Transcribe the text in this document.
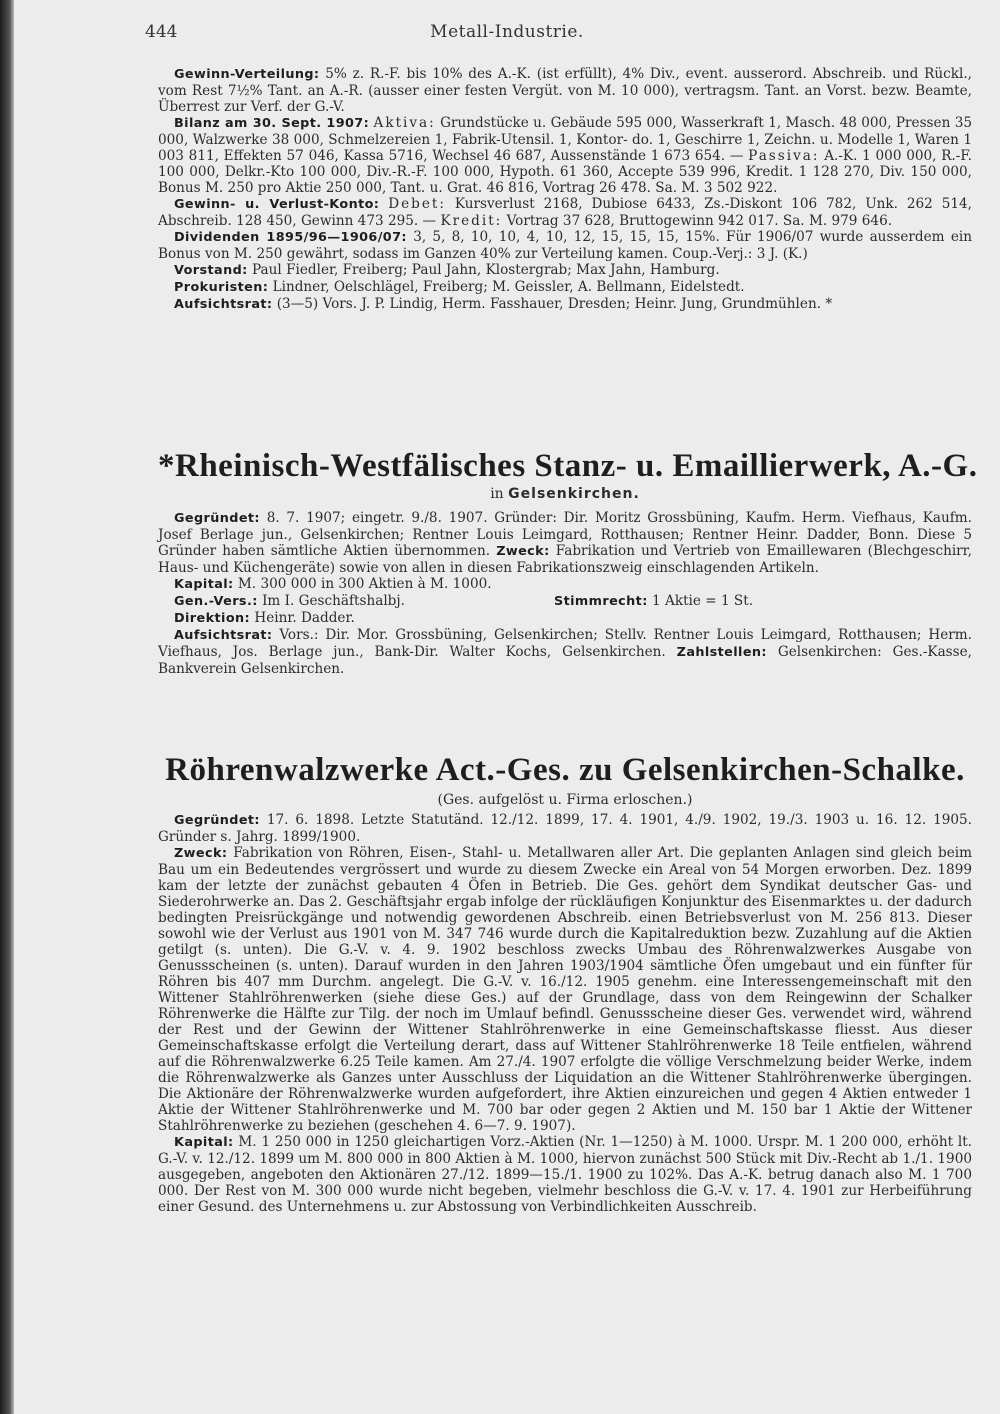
444	Metall-Industrie.

Gewinn-Verteilung: 5% z. R.-F. bis 10% des A.-K. (ist erfüllt), 4% Div., event. ausserord. Abschreib. und Rückl., vom Rest 7½% Tant. an A.-R. (ausser einer festen Vergüt. von M. 10 000), vertragsm. Tant. an Vorst. bezw. Beamte, Überrest zur Verf. der G.-V.

Bilanz am 30. Sept. 1907: Aktiva: Grundstücke u. Gebäude 595 000, Wasserkraft 1, Masch. 48 000, Pressen 35 000, Walzwerke 38 000, Schmelzereien 1, Fabrik-Utensil. 1, Kontor- do. 1, Geschirre 1, Zeichn. u. Modelle 1, Waren 1 003 811, Effekten 57 046, Kassa 5716, Wechsel 46 687, Aussenstände 1 673 654. — Passiva: A.-K. 1 000 000, R.-F. 100 000, Delkr.-Kto 100 000, Div.-R.-F. 100 000, Hypoth. 61 360, Accepte 539 996, Kredit. 1 128 270, Div. 150 000, Bonus M. 250 pro Aktie 250 000, Tant. u. Grat. 46 816, Vortrag 26 478. Sa. M. 3 502 922.

Gewinn- u. Verlust-Konto: Debet: Kursverlust 2168, Dubiose 6433, Zs.-Diskont 106 782, Unk. 262 514, Abschreib. 128 450, Gewinn 473 295. — Kredit: Vortrag 37 628, Bruttogewinn 942 017. Sa. M. 979 646.

Dividenden 1895/96—1906/07: 3, 5, 8, 10, 10, 4, 10, 12, 15, 15, 15, 15%. Für 1906/07 wurde ausserdem ein Bonus von M. 250 gewährt, sodass im Ganzen 40% zur Verteilung kamen. Coup.-Verj.: 3 J. (K.)

Vorstand: Paul Fiedler, Freiberg; Paul Jahn, Klostergrab; Max Jahn, Hamburg.

Prokuristen: Lindner, Oelschlägel, Freiberg; M. Geissler, A. Bellmann, Eidelstedt.

Aufsichtsrat: (3—5) Vors. J. P. Lindig, Herm. Fasshauer, Dresden; Heinr. Jung, Grundmühlen. *

*Rheinisch-Westfälisches Stanz- u. Emaillierwerk, A.-G.
in Gelsenkirchen.

Gegründet: 8. 7. 1907; eingetr. 9./8. 1907. Gründer: Dir. Moritz Grossbüning, Kaufm. Herm. Viefhaus, Kaufm. Josef Berlage jun., Gelsenkirchen; Rentner Louis Leimgard, Rotthausen; Rentner Heinr. Dadder, Bonn. Diese 5 Gründer haben sämtliche Aktien übernommen. Zweck: Fabrikation und Vertrieb von Emaillewaren (Blechgeschirr, Haus- und Küchengeräte) sowie von allen in diesen Fabrikationszweig einschlagenden Artikeln.

Kapital: M. 300 000 in 300 Aktien à M. 1000.

Gen.-Vers.: Im I. Geschäftshalbj.	Stimmrecht: 1 Aktie = 1 St.

Direktion: Heinr. Dadder.

Aufsichtsrat: Vors.: Dir. Mor. Grossbüning, Gelsenkirchen; Stellv. Rentner Louis Leimgard, Rotthausen; Herm. Viefhaus, Jos. Berlage jun., Bank-Dir. Walter Kochs, Gelsenkirchen. Zahlstellen: Gelsenkirchen: Ges.-Kasse, Bankverein Gelsenkirchen.

Röhrenwalzwerke Act.-Ges. zu Gelsenkirchen-Schalke.
(Ges. aufgelöst u. Firma erloschen.)

Gegründet: 17. 6. 1898. Letzte Statutänd. 12./12. 1899, 17. 4. 1901, 4./9. 1902, 19./3. 1903 u. 16. 12. 1905. Gründer s. Jahrg. 1899/1900.

Zweck: Fabrikation von Röhren, Eisen-, Stahl- u. Metallwaren aller Art. Die geplanten Anlagen sind gleich beim Bau um ein Bedeutendes vergrössert und wurde zu diesem Zwecke ein Areal von 54 Morgen erworben. Dez. 1899 kam der letzte der zunächst gebauten 4 Öfen in Betrieb. Die Ges. gehört dem Syndikat deutscher Gas- und Siederohrwerke an. Das 2. Geschäftsjahr ergab infolge der rückläufigen Konjunktur des Eisenmarktes u. der dadurch bedingten Preisrückgänge und notwendig gewordenen Abschreib. einen Betriebsverlust von M. 256 813. Dieser sowohl wie der Verlust aus 1901 von M. 347 746 wurde durch die Kapitalreduktion bezw. Zuzahlung auf die Aktien getilgt (s. unten). Die G.-V. v. 4. 9. 1902 beschloss zwecks Umbau des Röhrenwalzwerkes Ausgabe von Genussscheinen (s. unten). Darauf wurden in den Jahren 1903/1904 sämtliche Öfen umgebaut und ein fünfter für Röhren bis 407 mm Durchm. angelegt. Die G.-V. v. 16./12. 1905 genehm. eine Interessengemeinschaft mit den Wittener Stahlröhrenwerken (siehe diese Ges.) auf der Grundlage, dass von dem Reingewinn der Schalker Röhrenwerke die Hälfte zur Tilg. der noch im Umlauf befindl. Genussscheine dieser Ges. verwendet wird, während der Rest und der Gewinn der Wittener Stahlröhrenwerke in eine Gemeinschaftskasse fliesst. Aus dieser Gemeinschaftskasse erfolgt die Verteilung derart, dass auf Wittener Stahlröhrenwerke 18 Teile entfielen, während auf die Röhrenwalzwerke 6.25 Teile kamen. Am 27./4. 1907 erfolgte die völlige Verschmelzung beider Werke, indem die Röhrenwalzwerke als Ganzes unter Ausschluss der Liquidation an die Wittener Stahlröhrenwerke übergingen. Die Aktionäre der Röhrenwalzwerke wurden aufgefordert, ihre Aktien einzureichen und gegen 4 Aktien entweder 1 Aktie der Wittener Stahlröhrenwerke und M. 700 bar oder gegen 2 Aktien und M. 150 bar 1 Aktie der Wittener Stahlröhrenwerke zu beziehen (geschehen 4. 6—7. 9. 1907).

Kapital: M. 1 250 000 in 1250 gleichartigen Vorz.-Aktien (Nr. 1—1250) à M. 1000. Urspr. M. 1 200 000, erhöht lt. G.-V. v. 12./12. 1899 um M. 800 000 in 800 Aktien à M. 1000, hiervon zunächst 500 Stück mit Div.-Recht ab 1./1. 1900 ausgegeben, angeboten den Aktionären 27./12. 1899—15./1. 1900 zu 102%. Das A.-K. betrug danach also M. 1 700 000. Der Rest von M. 300 000 wurde nicht begeben, vielmehr beschloss die G.-V. v. 17. 4. 1901 zur Herbeiführung einer Gesund. des Unternehmens u. zur Abstossung von Verbindlichkeiten Ausschreib.
